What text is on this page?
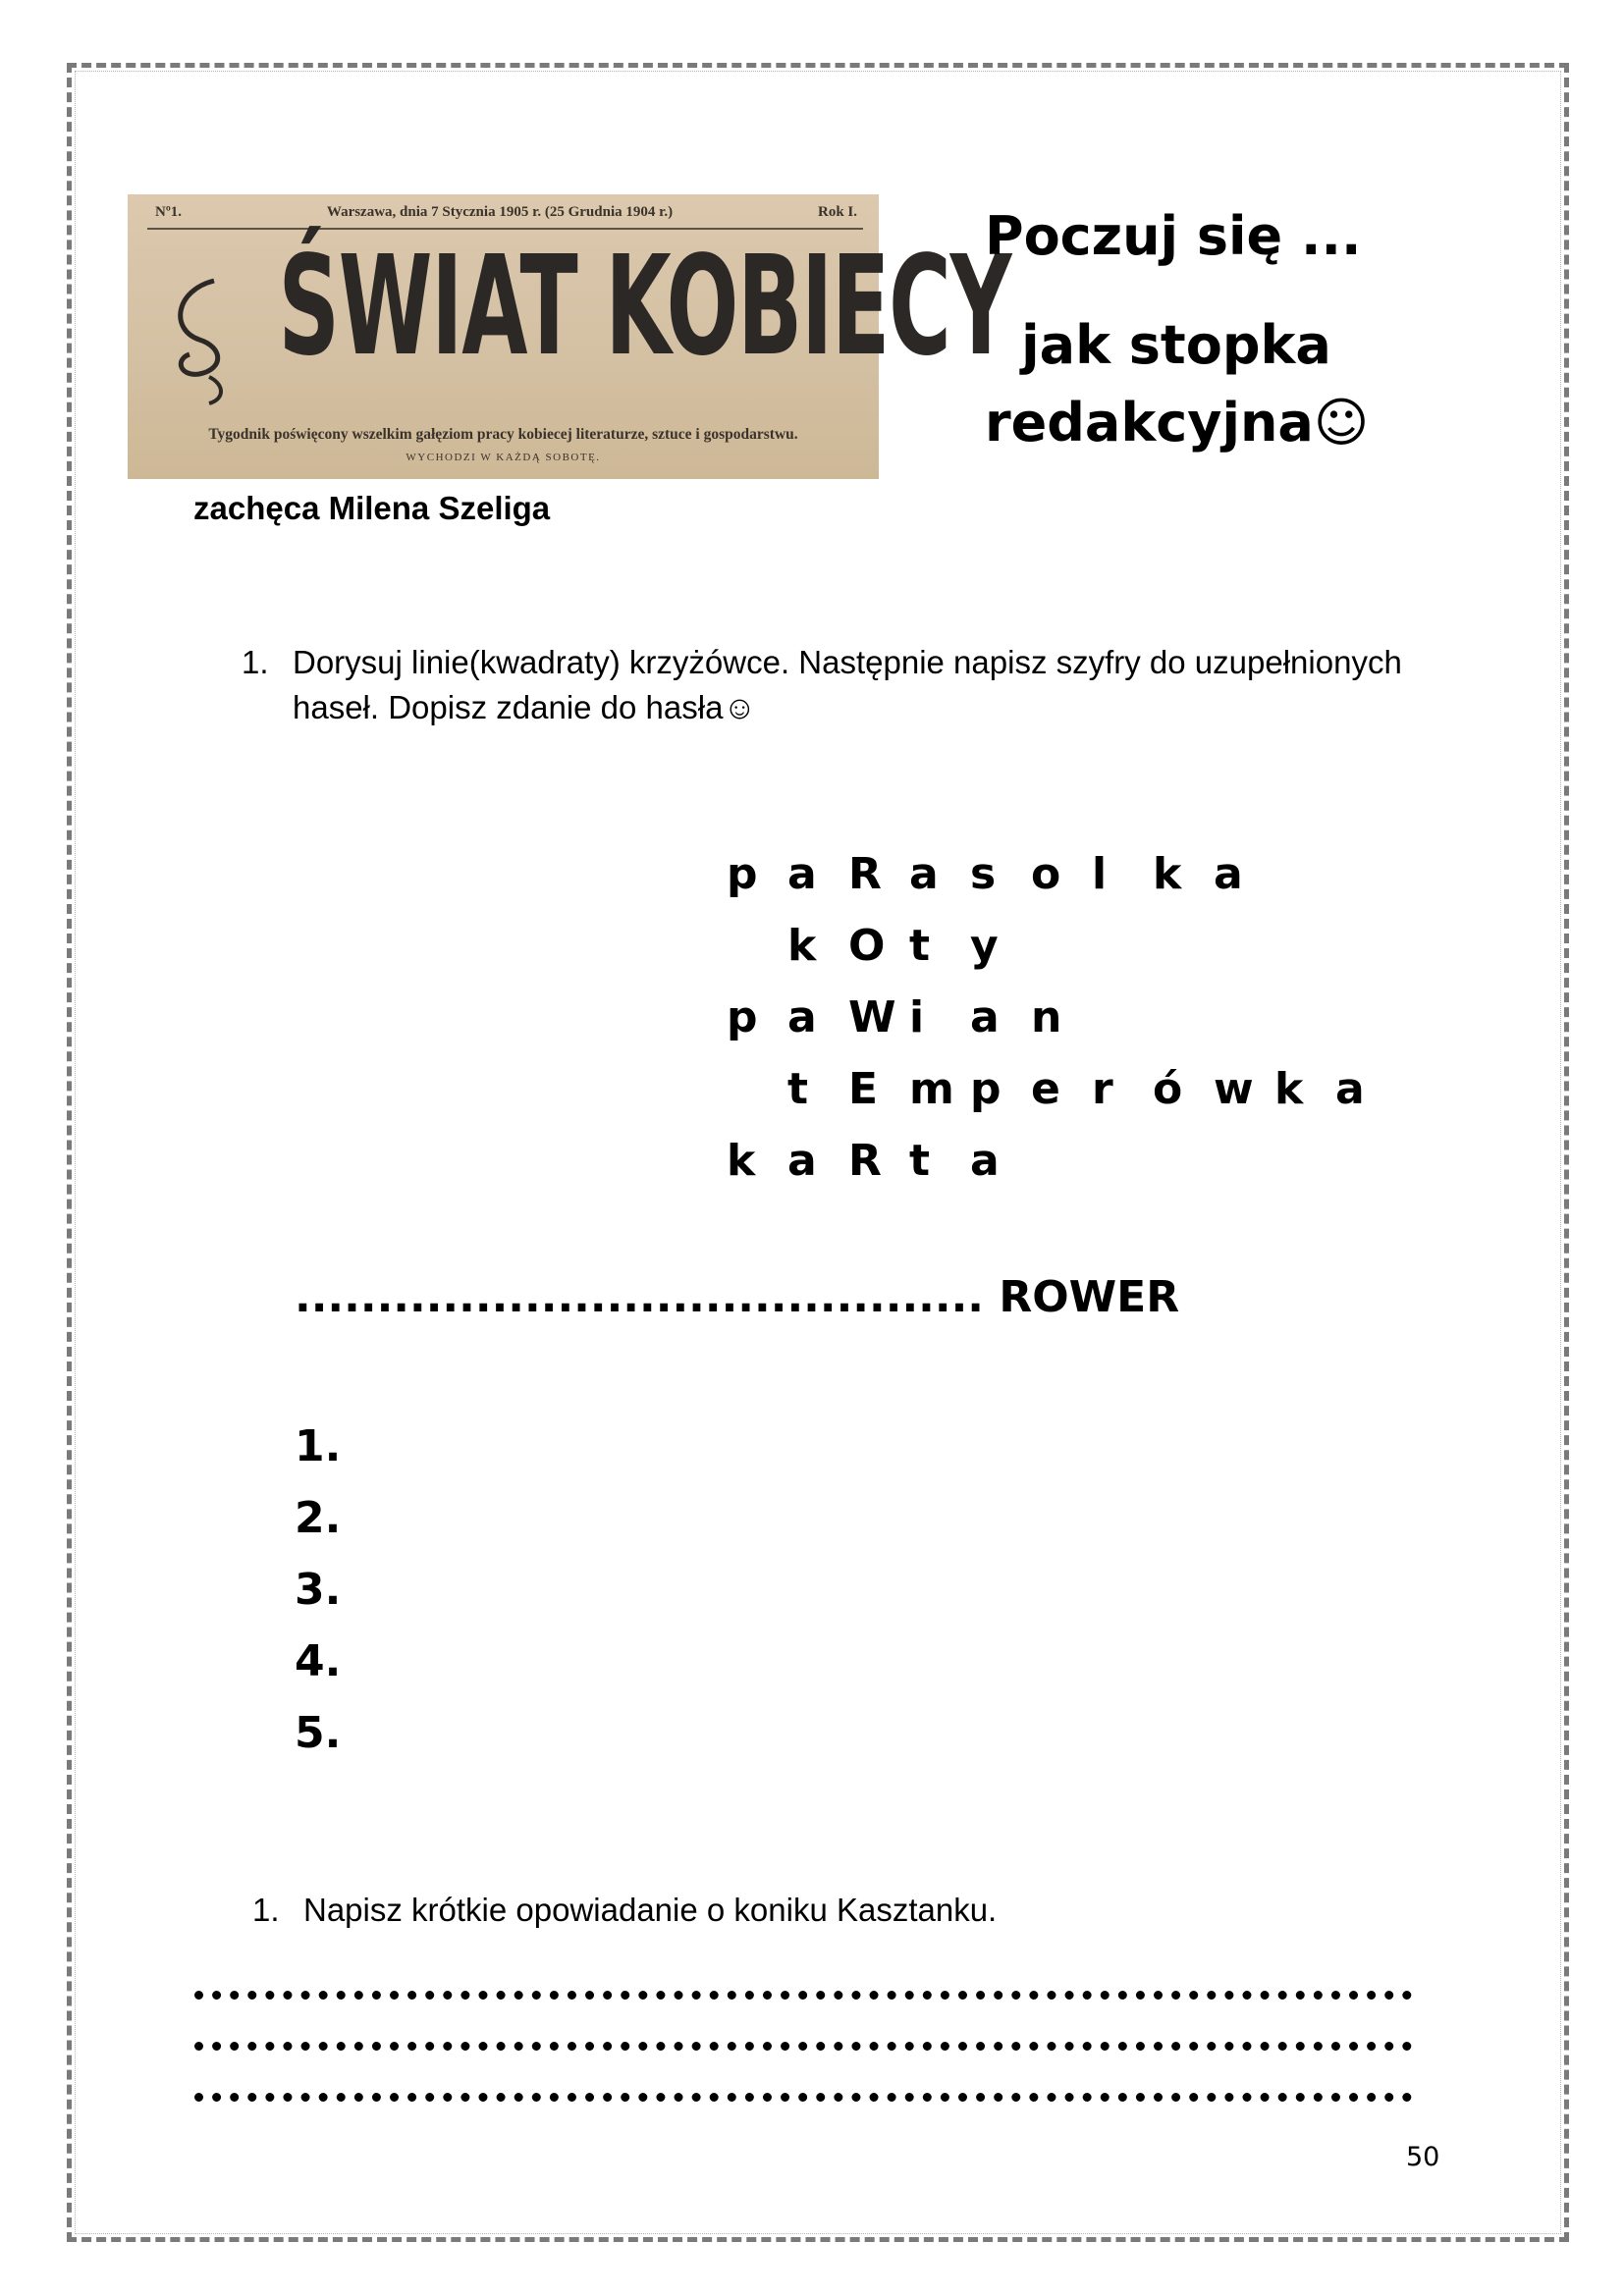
Nº1.	Warszawa, dnia 7 Stycznia 1905 r. (25 Grudnia 1904 r.)	Rok I.
ŚWIAT KOBIECY
Tygodnik poświęcony wszelkim gałęziom pracy kobiecej literaturze, sztuce i gospodarstwu.
WYCHODZI W KAŻDĄ SOBOTĘ.
zachęca Milena Szeliga
Poczuj się ...
jak stopka
redakcyjna☺
1. Dorysuj linie(kwadraty) krzyżówce. Następnie napisz szyfry do uzupełnionych
haseł. Dopisz zdanie do hasła☺
p a R a s o l k a
k O t y
p a W i a n
t E m p e r ó w k a
k a R t a
.......................................... ROWER
1.
2.
3.
4.
5.
1. Napisz krótkie opowiadanie o koniku Kasztanku.
50
